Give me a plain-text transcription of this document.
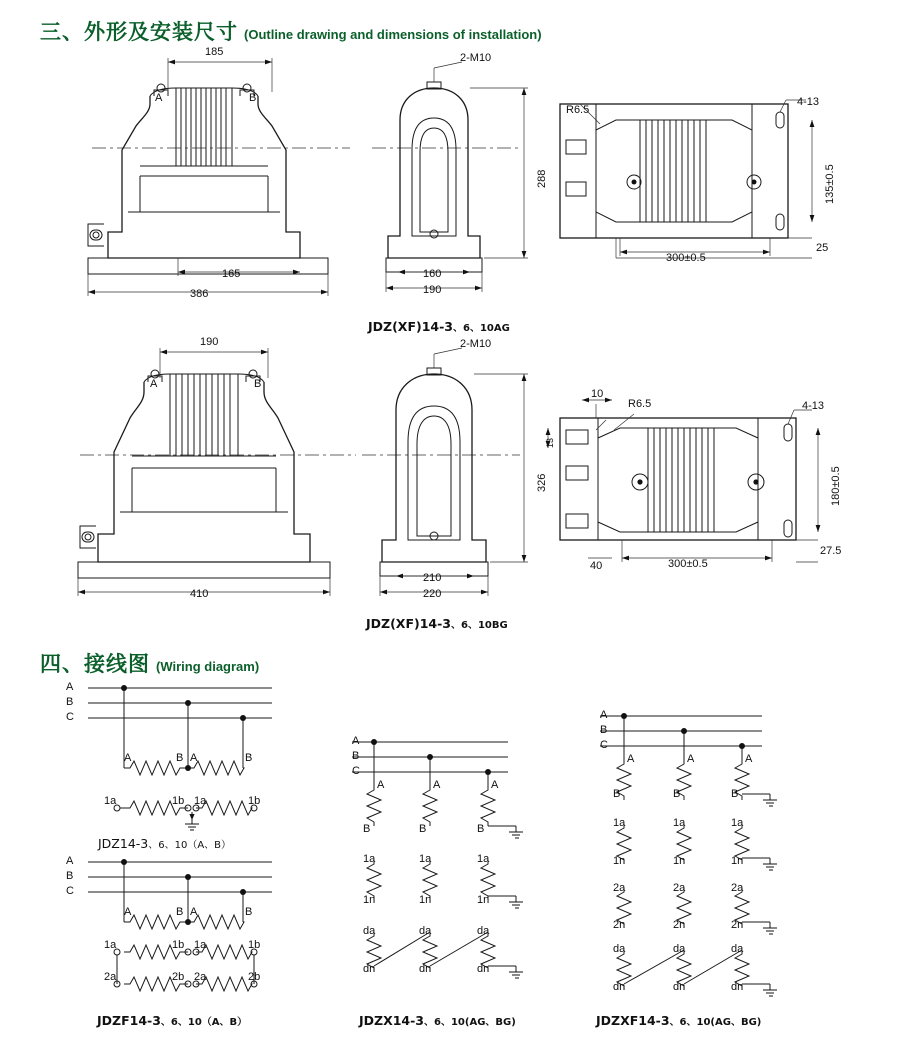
三、外形及安装尺寸 (Outline drawing and dimensions of installation)
185
165
386
A	B
2-M10
160
190
288
R6.5
4-13
135±0.5
300±0.5
25
JDZ(XF)14-3、6、10AG
190
410
A	B
2-M10
210
220
326
10
13
R6.5	4-13
180±0.5
40	300±0.5
27.5
JDZ(XF)14-3、6、10BG
四、接线图 (Wiring diagram)
A
B
C
A	B A	B
1a	1b 1a	1b
JDZ14-3、6、10（A、B）
A
B
C
A	B A	B
1a	1b 1a	1b
2a	2b 2a	2b
JDZF14-3、6、10（A、B）
A
B
C
A	A	A
B	B	B
1a	1a	1a
1n	1n	1n
da	da	da
dn	dn	dn
JDZX14-3、6、10(AG、BG)
A
B
C
A	A	A
B	B	B
1a	1a	1a
1n	1n	1n
2a	2a	2a
2n	2n	2n
da	da	da
dn	dn	dn
JDZXF14-3、6、10(AG、BG)
